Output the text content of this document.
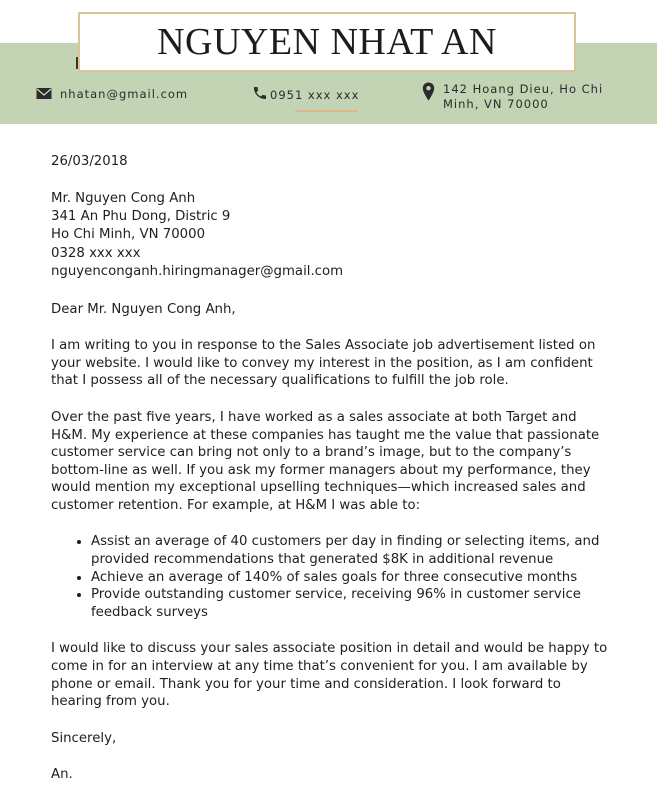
NGUYEN NHAT AN
nhatan@gmail.com	0951 xxx xxx	142 Hoang Dieu, Ho Chi
Minh, VN 70000

26/03/2018

Mr. Nguyen Cong Anh
341 An Phu Dong, Distric 9
Ho Chi Minh, VN 70000
0328 xxx xxx
nguyencong​anh.hiringmanager@gmail.com

Dear Mr. Nguyen Cong Anh,

I am writing to you in response to the Sales Associate job advertisement listed on your website. I would like to convey my interest in the position, as I am confident that I possess all of the necessary qualifications to fulfill the job role.

Over the past five years, I have worked as a sales associate at both Target and H&M. My experience at these companies has taught me the value that passionate customer service can bring not only to a brand’s image, but to the company’s bottom-line as well. If you ask my former managers about my performance, they would mention my exceptional upselling techniques—which increased sales and customer retention. For example, at H&M I was able to:

• Assist an average of 40 customers per day in finding or selecting items, and provided recommendations that generated $8K in additional revenue
• Achieve an average of 140% of sales goals for three consecutive months
• Provide outstanding customer service, receiving 96% in customer service feedback surveys

I would like to discuss your sales associate position in detail and would be happy to come in for an interview at any time that’s convenient for you. I am available by phone or email. Thank you for your time and consideration. I look forward to hearing from you.

Sincerely,

An.
